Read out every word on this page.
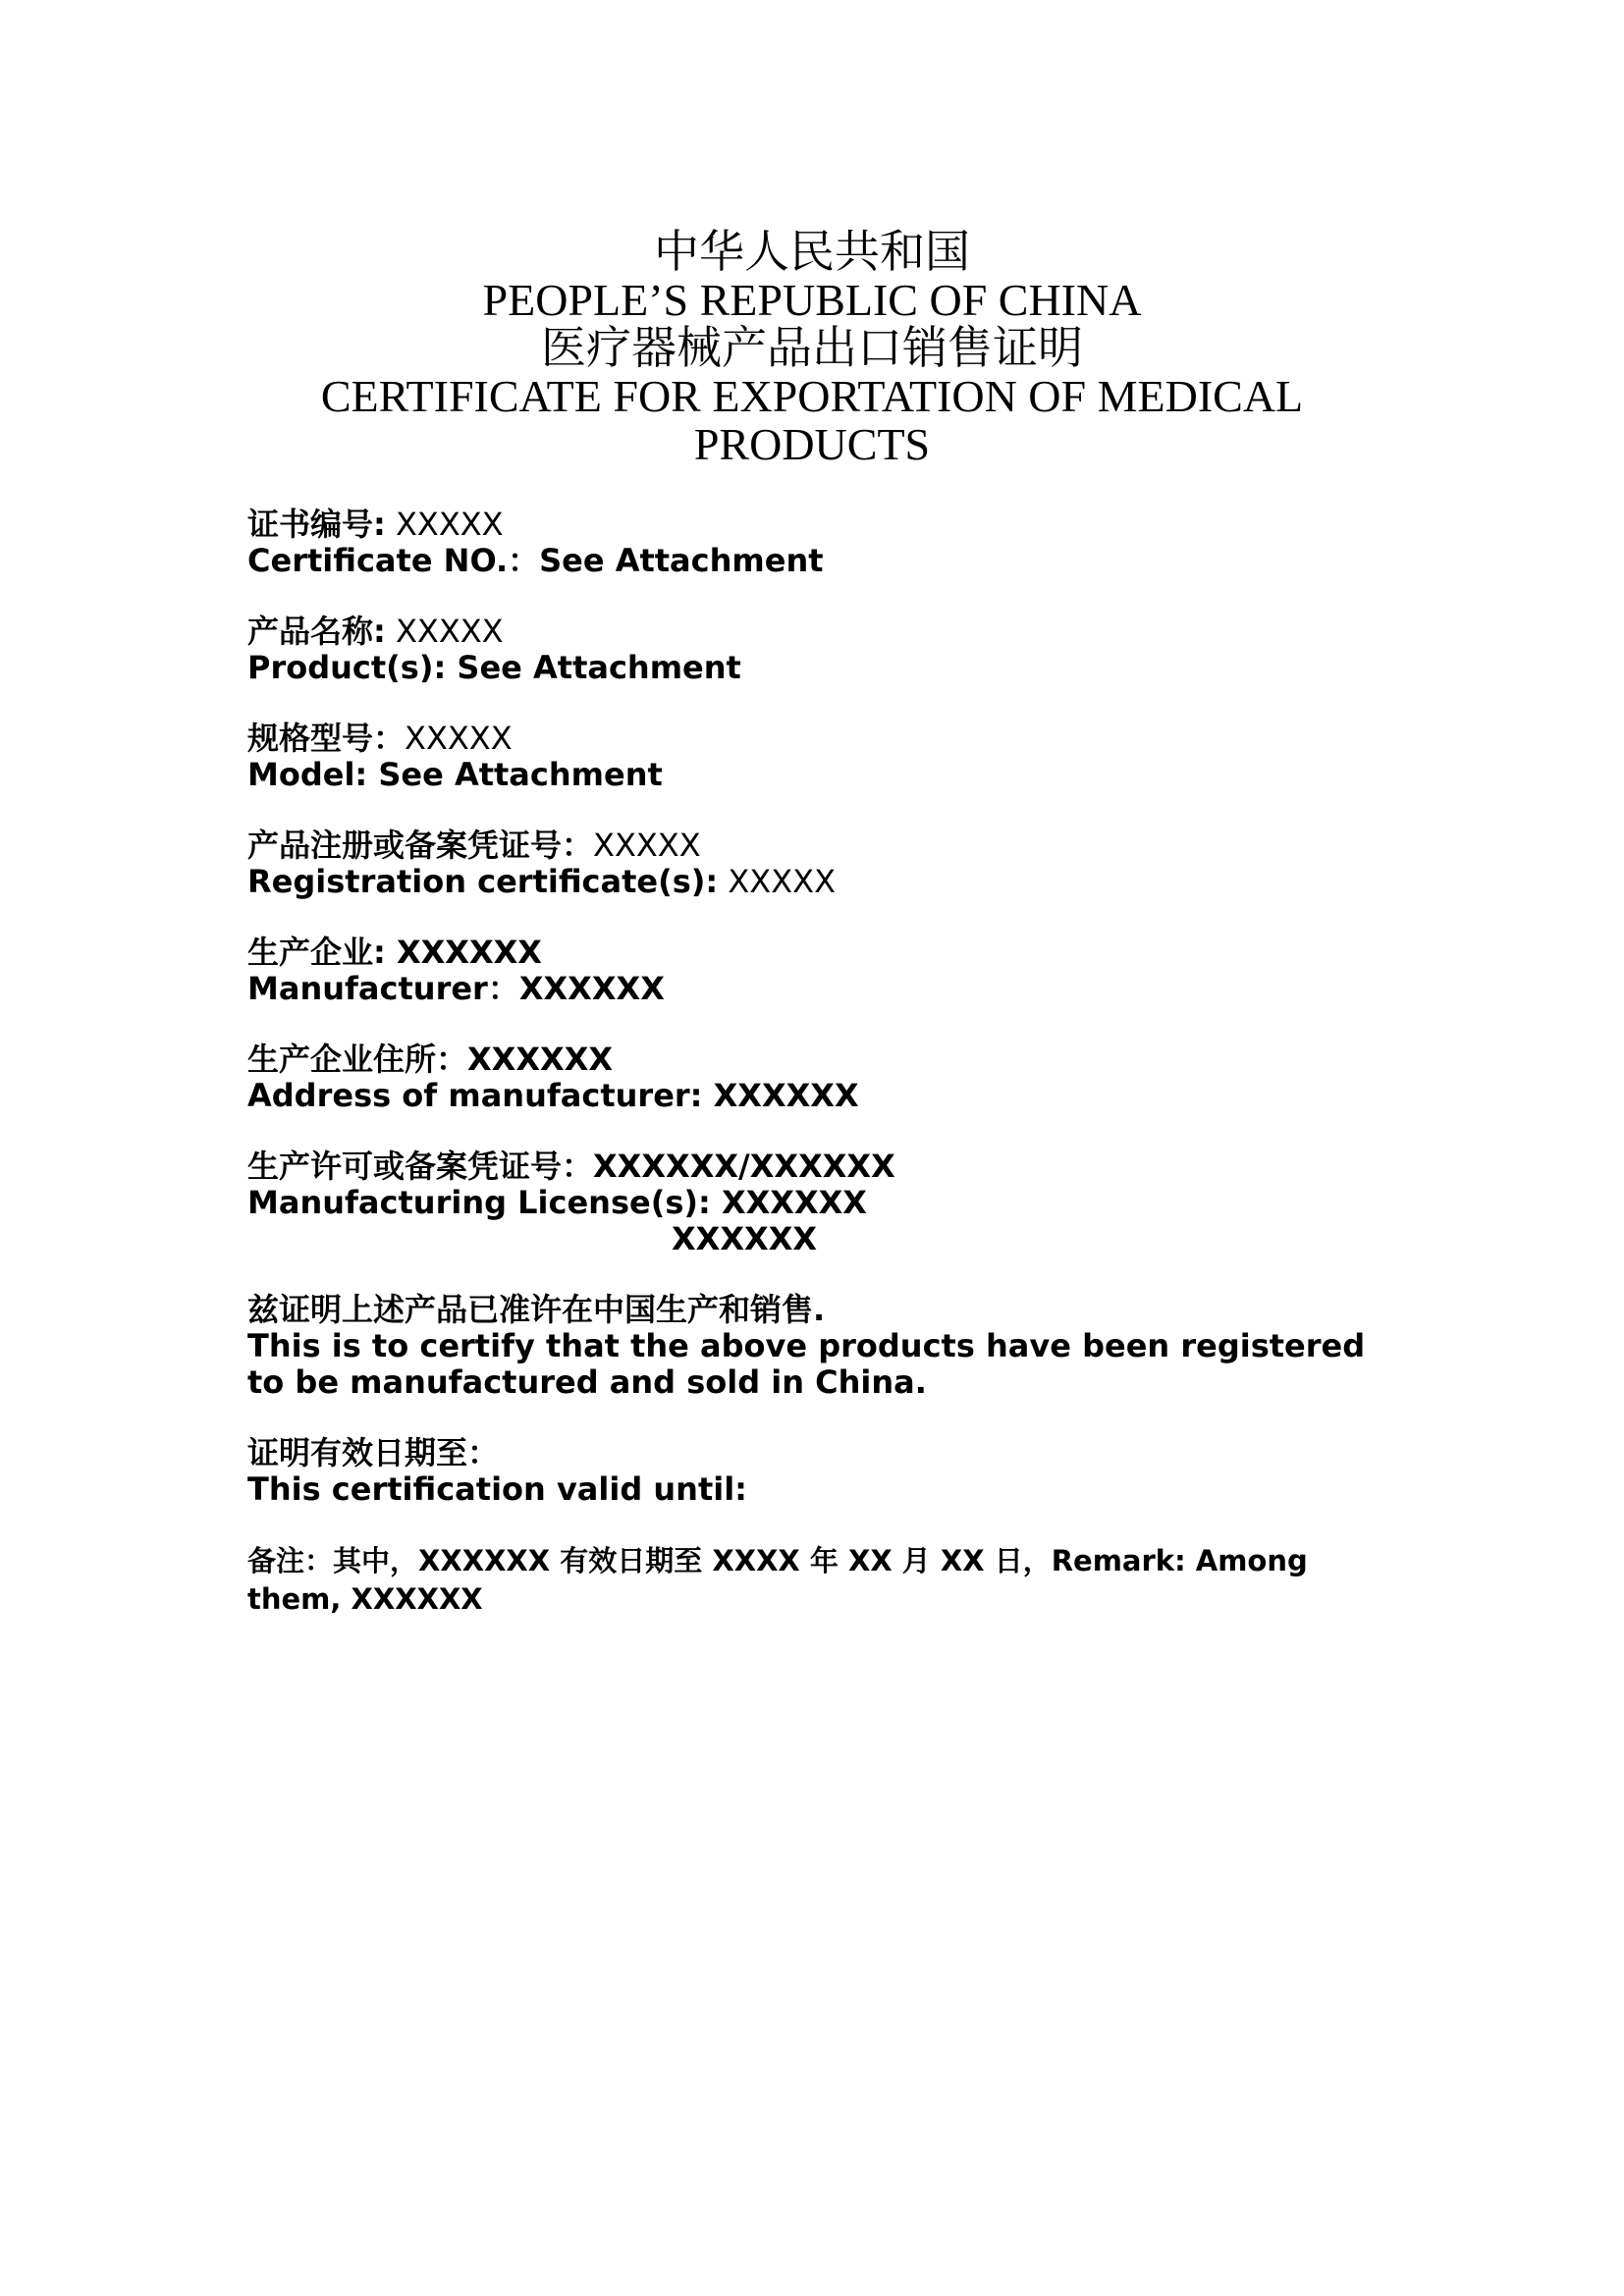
中华人民共和国
PEOPLE’S REPUBLIC OF CHINA
医疗器械产品出口销售证明
CERTIFICATE FOR EXPORTATION OF MEDICAL
PRODUCTS
证书编号: XXXXX
Certificate NO.：See Attachment
产品名称: XXXXX
Product(s): See Attachment
规格型号：XXXXX
Model: See Attachment
产品注册或备案凭证号：XXXXX
Registration certificate(s): XXXXX
生产企业: XXXXXX
Manufacturer：XXXXXX
生产企业住所：XXXXXX
Address of manufacturer: XXXXXX
生产许可或备案凭证号：XXXXXX/XXXXXX
Manufacturing License(s): XXXXXX
XXXXXX
兹证明上述产品已准许在中国生产和销售.
This is to certify that the above products have been registered to be manufactured and sold in China.
证明有效日期至：
This certification valid until:
备注：其中，XXXXXX 有效日期至 XXXX 年 XX 月 XX 日，Remark: Among them, XXXXXX
